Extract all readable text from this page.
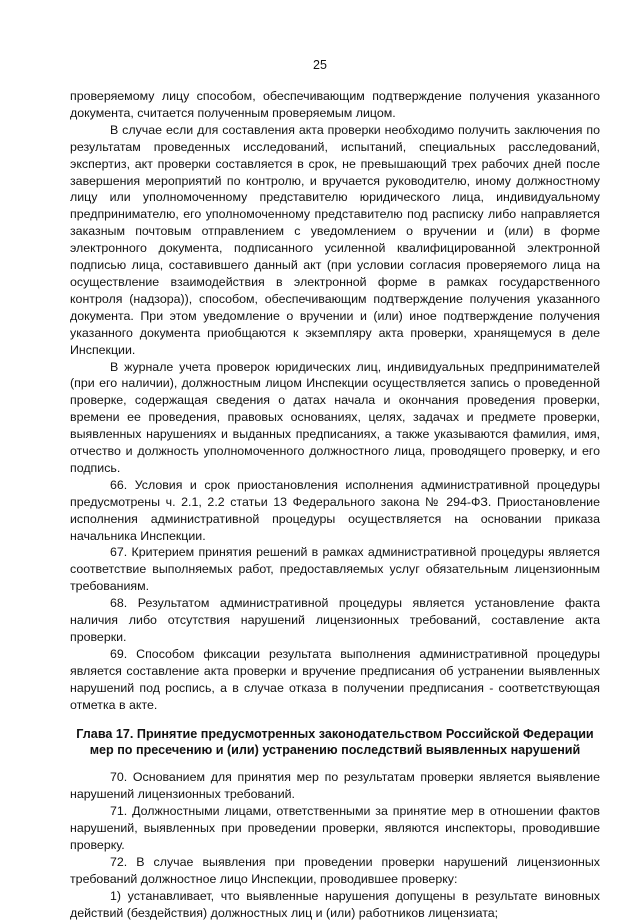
25

проверяемому лицу способом, обеспечивающим подтверждение получения указанного документа, считается полученным проверяемым лицом.

В случае если для составления акта проверки необходимо получить заключения по результатам проведенных исследований, испытаний, специальных расследований, экспертиз, акт проверки составляется в срок, не превышающий трех рабочих дней после завершения мероприятий по контролю, и вручается руководителю, иному должностному лицу или уполномоченному представителю юридического лица, индивидуальному предпринимателю, его уполномоченному представителю под расписку либо направляется заказным почтовым отправлением с уведомлением о вручении и (или) в форме электронного документа, подписанного усиленной квалифицированной электронной подписью лица, составившего данный акт (при условии согласия проверяемого лица на осуществление взаимодействия в электронной форме в рамках государственного контроля (надзора)), способом, обеспечивающим подтверждение получения указанного документа. При этом уведомление о вручении и (или) иное подтверждение получения указанного документа приобщаются к экземпляру акта проверки, хранящемуся в деле Инспекции.

В журнале учета проверок юридических лиц, индивидуальных предпринимателей (при его наличии), должностным лицом Инспекции осуществляется запись о проведенной проверке, содержащая сведения о датах начала и окончания проведения проверки, времени ее проведения, правовых основаниях, целях, задачах и предмете проверки, выявленных нарушениях и выданных предписаниях, а также указываются фамилия, имя, отчество и должность уполномоченного должностного лица, проводящего проверку, и его подпись.

66. Условия и срок приостановления исполнения административной процедуры предусмотрены ч. 2.1, 2.2 статьи 13 Федерального закона № 294-ФЗ. Приостановление исполнения административной процедуры осуществляется на основании приказа начальника Инспекции.

67. Критерием принятия решений в рамках административной процедуры является соответствие выполняемых работ, предоставляемых услуг обязательным лицензионным требованиям.

68. Результатом административной процедуры является установление факта наличия либо отсутствия нарушений лицензионных требований, составление акта проверки.

69. Способом фиксации результата выполнения административной процедуры является составление акта проверки и вручение предписания об устранении выявленных нарушений под роспись, а в случае отказа в получении предписания - соответствующая отметка в акте.

Глава 17. Принятие предусмотренных законодательством Российской Федерации мер по пресечению и (или) устранению последствий выявленных нарушений

70. Основанием для принятия мер по результатам проверки является выявление нарушений лицензионных требований.

71. Должностными лицами, ответственными за принятие мер в отношении фактов нарушений, выявленных при проведении проверки, являются инспекторы, проводившие проверку.

72. В случае выявления при проведении проверки нарушений лицензионных требований должностное лицо Инспекции, проводившее проверку:

1) устанавливает, что выявленные нарушения допущены в результате виновных действий (бездействия) должностных лиц и (или) работников лицензиата;
